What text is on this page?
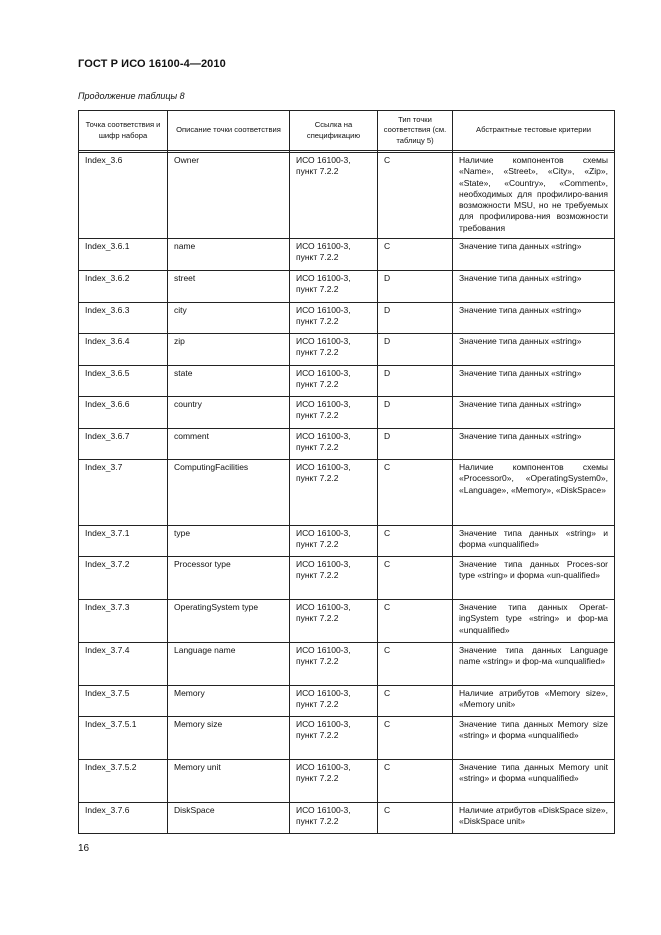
ГОСТ Р ИСО 16100-4—2010
Продолжение таблицы 8
Точка соответствия и шифр набора	Описание точки соответствия	Ссылка на спецификацию	Тип точки соответствия (см. таблицу 5)	Абстрактные тестовые критерии

Index_3.6	Owner	ИСО 16100-3, пункт 7.2.2	C	Наличие компонентов схемы «Name», «Street», «City», «Zip», «State», «Country», «Comment», необходимых для профилиро-вания возможности MSU, но не требуемых для профилирова-ния возможности требования
Index_3.6.1	name	ИСО 16100-3, пункт 7.2.2	C	Значение типа данных «string»
Index_3.6.2	street	ИСО 16100-3, пункт 7.2.2	D	Значение типа данных «string»
Index_3.6.3	city	ИСО 16100-3, пункт 7.2.2	D	Значение типа данных «string»
Index_3.6.4	zip	ИСО 16100-3, пункт 7.2.2	D	Значение типа данных «string»
Index_3.6.5	state	ИСО 16100-3, пункт 7.2.2	D	Значение типа данных «string»
Index_3.6.6	country	ИСО 16100-3, пункт 7.2.2	D	Значение типа данных «string»
Index_3.6.7	comment	ИСО 16100-3, пункт 7.2.2	D	Значение типа данных «string»
Index_3.7	ComputingFacilities	ИСО 16100-3, пункт 7.2.2	C	Наличие компонентов схемы «Processor0», «OperatingSystem0», «Language», «Memory», «DiskSpace»
Index_3.7.1	type	ИСО 16100-3, пункт 7.2.2	C	Значение типа данных «string» и форма «unqualified»
Index_3.7.2	Processor type	ИСО 16100-3, пункт 7.2.2	C	Значение типа данных Proces-sor type «string» и форма «un-qualified»
Index_3.7.3	OperatingSystem type	ИСО 16100-3, пункт 7.2.2	C	Значение типа данных Operat-ingSystem type «string» и фор-ма «unqualified»
Index_3.7.4	Language name	ИСО 16100-3, пункт 7.2.2	C	Значение типа данных Language name «string» и фор-ма «unqualified»
Index_3.7.5	Memory	ИСО 16100-3, пункт 7.2.2	C	Наличие атрибутов «Memory size», «Memory unit»
Index_3.7.5.1	Memory size	ИСО 16100-3, пункт 7.2.2	C	Значение типа данных Memory size «string» и форма «unqualified»
Index_3.7.5.2	Memory unit	ИСО 16100-3, пункт 7.2.2	C	Значение типа данных Memory unit «string» и форма «unqualified»
Index_3.7.6	DiskSpace	ИСО 16100-3, пункт 7.2.2	C	Наличие атрибутов «DiskSpace size», «DiskSpace unit»
16
